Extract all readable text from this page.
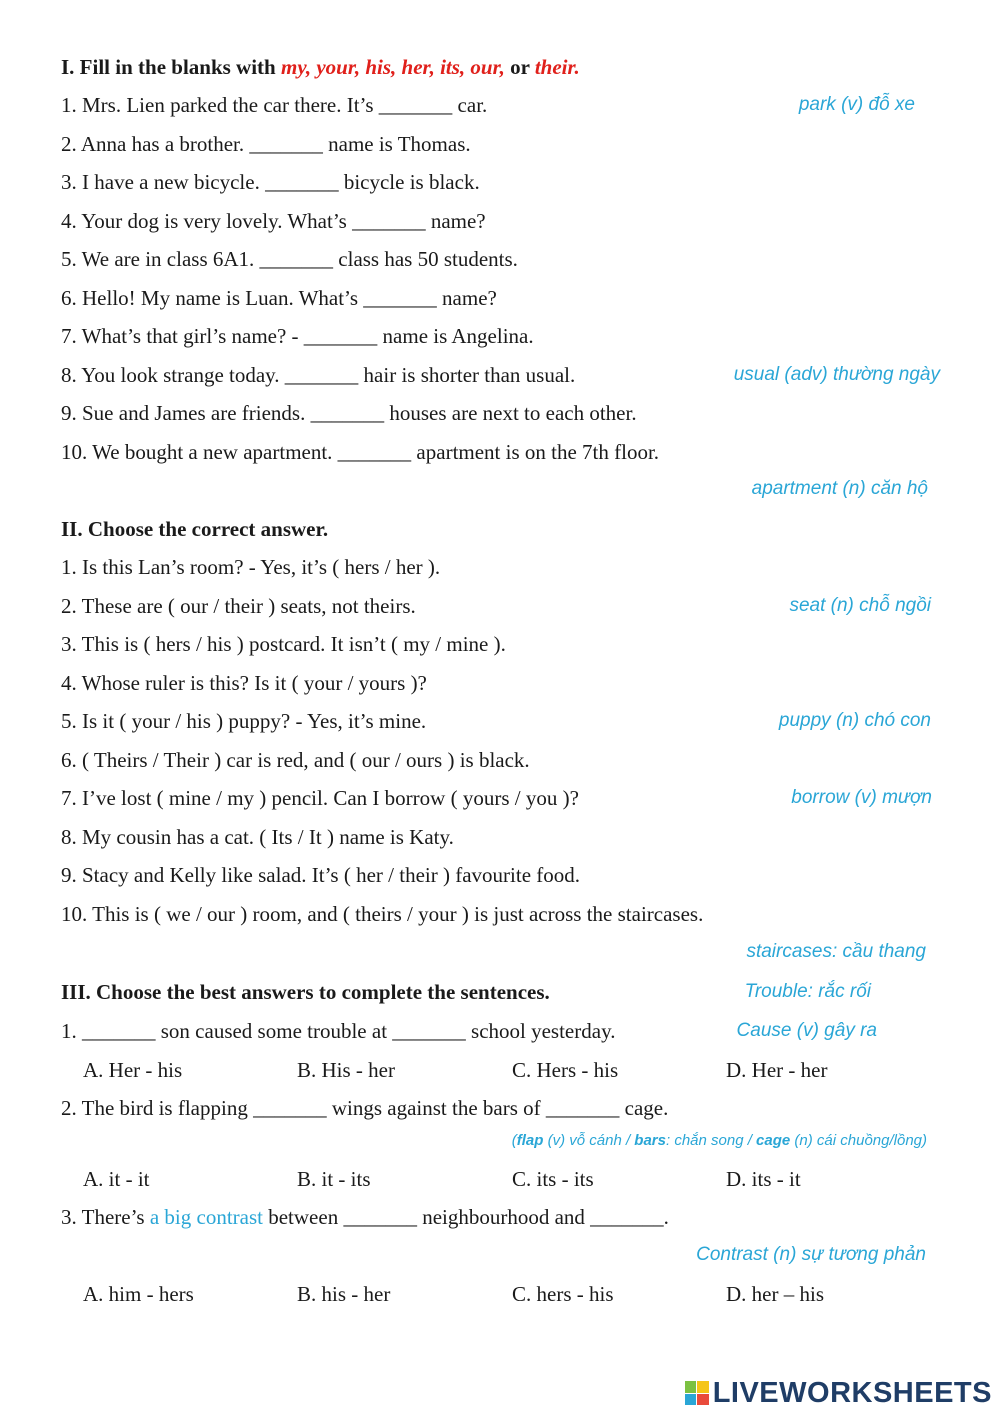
I. Fill in the blanks with my, your, his, her, its, our, or their.
1. Mrs. Lien parked the car there. It’s _______ car.	park (v) đỗ xe
2. Anna has a brother. _______ name is Thomas.
3. I have a new bicycle. _______ bicycle is black.
4. Your dog is very lovely. What’s _______ name?
5. We are in class 6A1. _______ class has 50 students.
6. Hello! My name is Luan. What’s _______ name?
7. What’s that girl’s name? - _______ name is Angelina.
8. You look strange today. _______ hair is shorter than usual.	usual (adv) thường ngày
9. Sue and James are friends. _______ houses are next to each other.
10. We bought a new apartment. _______ apartment is on the 7th floor.
apartment (n) căn hộ
II. Choose the correct answer.
1. Is this Lan’s room? - Yes, it’s ( hers / her ).
2. These are ( our / their ) seats, not theirs.	seat (n) chỗ ngồi
3. This is ( hers / his ) postcard. It isn’t ( my / mine ).
4. Whose ruler is this? Is it ( your / yours )?
5. Is it ( your / his ) puppy? - Yes, it’s mine.	puppy (n) chó con
6. ( Theirs / Their ) car is red, and ( our / ours ) is black.
7. I’ve lost ( mine / my ) pencil. Can I borrow ( yours / you )?	borrow (v) mượn
8. My cousin has a cat. ( Its / It ) name is Katy.
9. Stacy and Kelly like salad. It’s ( her / their ) favourite food.
10. This is ( we / our ) room, and ( theirs / your ) is just across the staircases.
staircases: cầu thang
III. Choose the best answers to complete the sentences.	Trouble: rắc rối
1. _______ son caused some trouble at _______ school yesterday.	Cause (v) gây ra
A. Her - his	B. His - her	C. Hers - his	D. Her - her
2. The bird is flapping _______ wings against the bars of _______ cage.
(flap (v) vỗ cánh / bars: chắn song / cage (n) cái chuồng/lồng)
A. it - it	B. it - its	C. its - its	D. its - it
3. There’s a big contrast between _______ neighbourhood and _______.
Contrast (n) sự tương phản
A. him - hers	B. his - her	C. hers - his	D. her – his
LIVEWORKSHEETS
